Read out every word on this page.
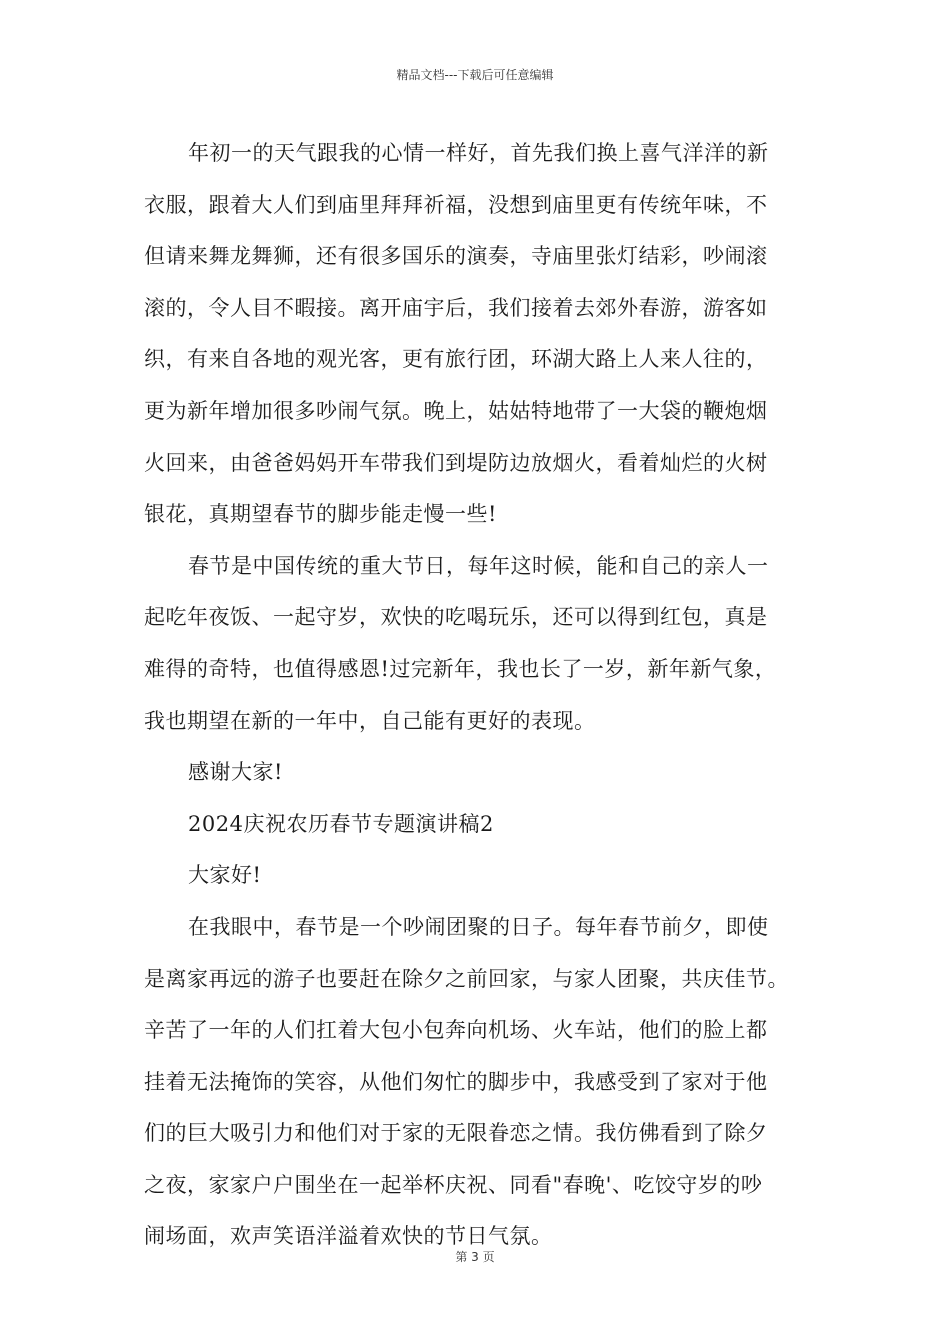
精品文档---下载后可任意编辑
年初一的天气跟我的心情一样好，首先我们换上喜气洋洋的新
衣服，跟着大人们到庙里拜拜祈福，没想到庙里更有传统年味，不
但请来舞龙舞狮，还有很多国乐的演奏，寺庙里张灯结彩，吵闹滚
滚的，令人目不暇接。离开庙宇后，我们接着去郊外春游，游客如
织，有来自各地的观光客，更有旅行团，环湖大路上人来人往的，
更为新年增加很多吵闹气氛。晚上，姑姑特地带了一大袋的鞭炮烟
火回来，由爸爸妈妈开车带我们到堤防边放烟火，看着灿烂的火树
银花，真期望春节的脚步能走慢一些!
春节是中国传统的重大节日，每年这时候，能和自己的亲人一
起吃年夜饭、一起守岁，欢快的吃喝玩乐，还可以得到红包，真是
难得的奇特，也值得感恩!过完新年，我也长了一岁，新年新气象，
我也期望在新的一年中，自己能有更好的表现。
感谢大家!
2024庆祝农历春节专题演讲稿2
大家好!
在我眼中，春节是一个吵闹团聚的日子。每年春节前夕，即使
是离家再远的游子也要赶在除夕之前回家，与家人团聚，共庆佳节。
辛苦了一年的人们扛着大包小包奔向机场、火车站，他们的脸上都
挂着无法掩饰的笑容，从他们匆忙的脚步中，我感受到了家对于他
们的巨大吸引力和他们对于家的无限眷恋之情。我仿佛看到了除夕
之夜，家家户户围坐在一起举杯庆祝、同看"春晚'、吃饺守岁的吵
闹场面，欢声笑语洋溢着欢快的节日气氛。
第 3 页
